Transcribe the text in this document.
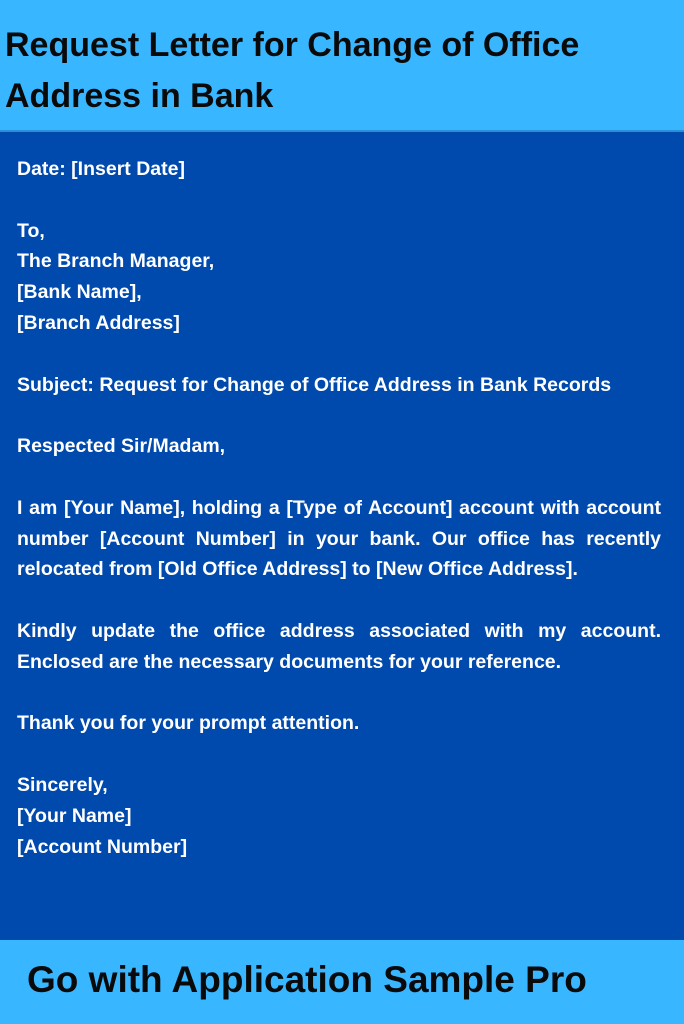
Request Letter for Change of Office
Address in Bank

Date: [Insert Date]

To,

The Branch Manager,

[Bank Name],

[Branch Address]

Subject: Request for Change of Office Address in Bank Records

Respected Sir/Madam,

I am [Your Name], holding a [Type of Account] account with account number [Account Number] in your bank. Our office has recently relocated from [Old Office Address] to [New Office Address].

Kindly update the office address associated with my account. Enclosed are the necessary documents for your reference.

Thank you for your prompt attention.

Sincerely,

[Your Name]

[Account Number]

Go with Application Sample Pro
